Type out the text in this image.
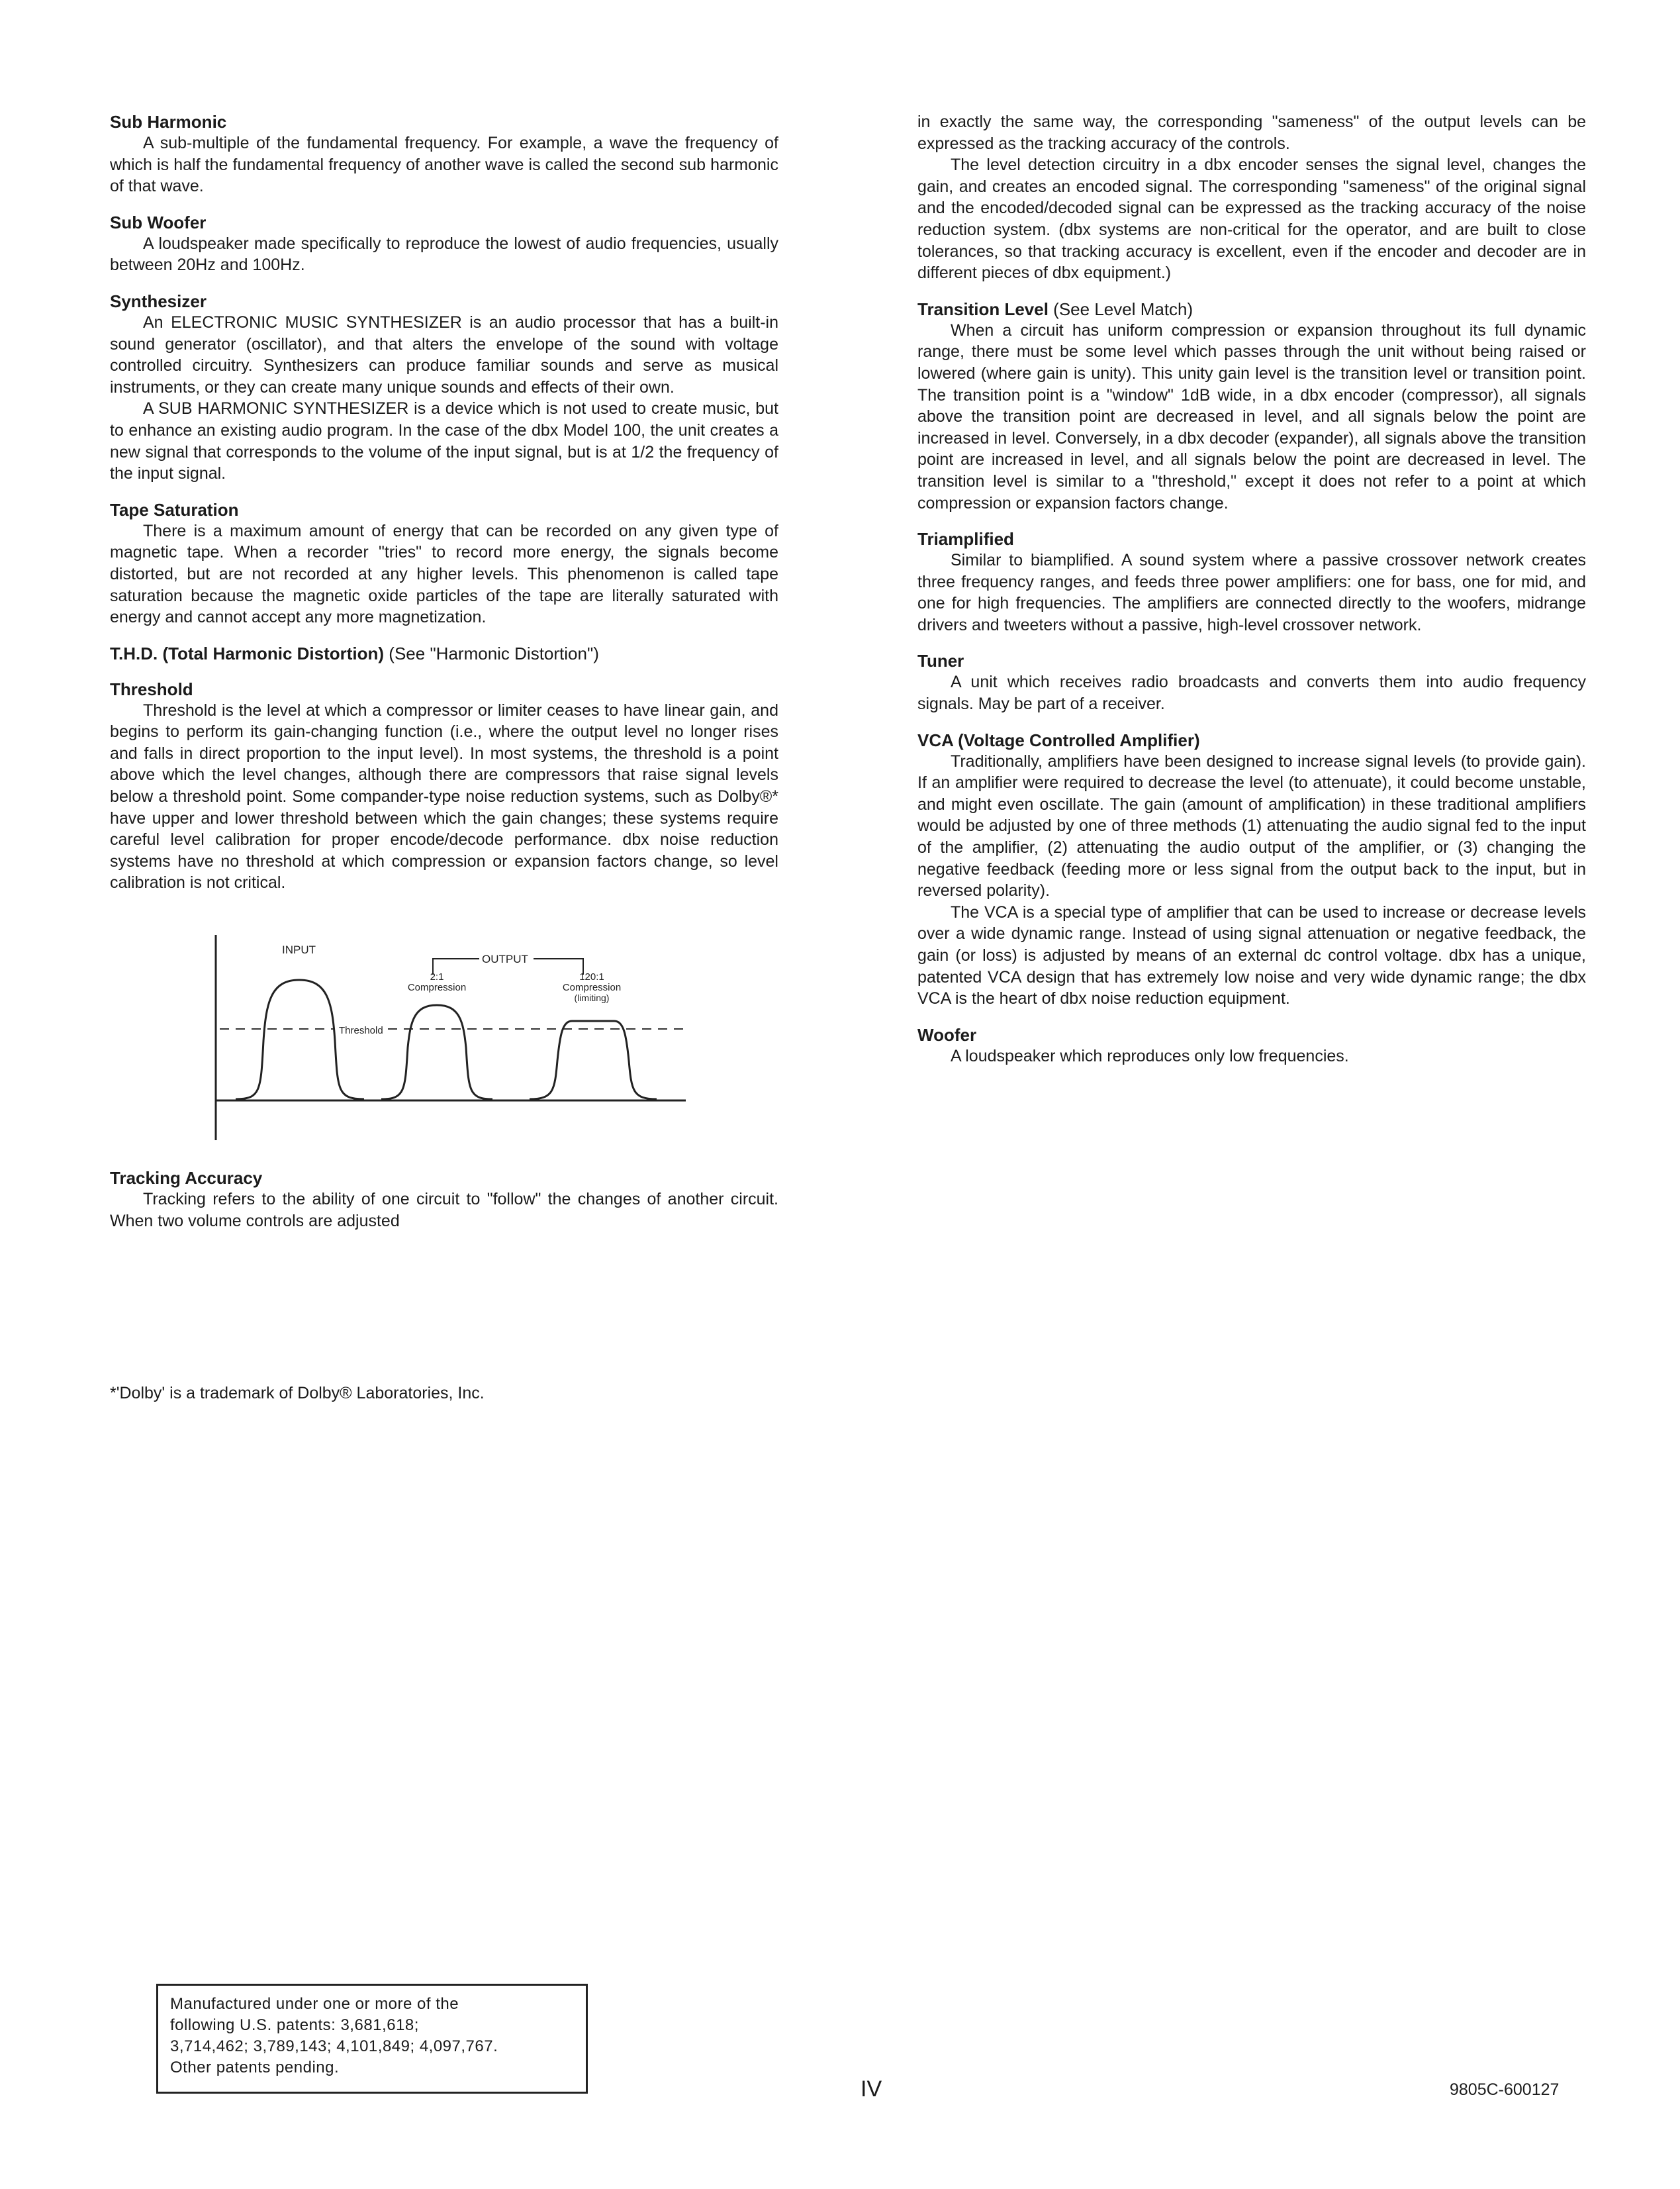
Sub Harmonic

A sub-multiple of the fundamental frequency. For example, a wave the frequency of which is half the fundamental frequency of another wave is called the second sub harmonic of that wave.

Sub Woofer

A loudspeaker made specifically to reproduce the lowest of audio frequencies, usually between 20Hz and 100Hz.

Synthesizer

An ELECTRONIC MUSIC SYNTHESIZER is an audio processor that has a built-in sound generator (oscillator), and that alters the envelope of the sound with voltage controlled circuitry. Synthesizers can produce familiar sounds and serve as musical instruments, or they can create many unique sounds and effects of their own.

A SUB HARMONIC SYNTHESIZER is a device which is not used to create music, but to enhance an existing audio program. In the case of the dbx Model 100, the unit creates a new signal that corresponds to the volume of the input signal, but is at 1/2 the frequency of the input signal.

Tape Saturation

There is a maximum amount of energy that can be recorded on any given type of magnetic tape. When a recorder "tries" to record more energy, the signals become distorted, but are not recorded at any higher levels. This phenomenon is called tape saturation because the magnetic oxide particles of the tape are literally saturated with energy and cannot accept any more magnetization.

T.H.D. (Total Harmonic Distortion) (See "Harmonic Distortion")
Threshold

Threshold is the level at which a compressor or limiter ceases to have linear gain, and begins to perform its gain-changing function (i.e., where the output level no longer rises and falls in direct proportion to the input level). In most systems, the threshold is a point above which the level changes, although there are compressors that raise signal levels below a threshold point. Some compander-type noise reduction systems, such as Dolby®* have upper and lower threshold between which the gain changes; these systems require careful level calibration for proper encode/decode performance. dbx noise reduction systems have no threshold at which compression or expansion factors change, so level calibration is not critical.

Threshold
INPUT
OUTPUT
2:1
Compression
120:1
Compression
(limiting)
Tracking Accuracy

Tracking refers to the ability of one circuit to "follow" the changes of another circuit. When two volume controls are adjusted

*'Dolby' is a trademark of Dolby® Laboratories, Inc.

in exactly the same way, the corresponding "sameness" of the output levels can be expressed as the tracking accuracy of the controls.

The level detection circuitry in a dbx encoder senses the signal level, changes the gain, and creates an encoded signal. The corresponding "sameness" of the original signal and the encoded/decoded signal can be expressed as the tracking accuracy of the noise reduction system. (dbx systems are non-critical for the operator, and are built to close tolerances, so that tracking accuracy is excellent, even if the encoder and decoder are in different pieces of dbx equipment.)

Transition Level (See Level Match)

When a circuit has uniform compression or expansion throughout its full dynamic range, there must be some level which passes through the unit without being raised or lowered (where gain is unity). This unity gain level is the transition level or transition point. The transition point is a "window" 1dB wide, in a dbx encoder (compressor), all signals above the transition point are decreased in level, and all signals below the point are increased in level. Conversely, in a dbx decoder (expander), all signals above the transition point are increased in level, and all signals below the point are decreased in level. The transition level is similar to a "threshold," except it does not refer to a point at which compression or expansion factors change.

Triamplified

Similar to biamplified. A sound system where a passive crossover network creates three frequency ranges, and feeds three power amplifiers: one for bass, one for mid, and one for high frequencies. The amplifiers are connected directly to the woofers, midrange drivers and tweeters without a passive, high-level crossover network.

Tuner

A unit which receives radio broadcasts and converts them into audio frequency signals. May be part of a receiver.

VCA (Voltage Controlled Amplifier)

Traditionally, amplifiers have been designed to increase signal levels (to provide gain). If an amplifier were required to decrease the level (to attenuate), it could become unstable, and might even oscillate. The gain (amount of amplification) in these traditional amplifiers would be adjusted by one of three methods (1) attenuating the audio signal fed to the input of the amplifier, (2) attenuating the audio output of the amplifier, or (3) changing the negative feedback (feeding more or less signal from the output back to the input, but in reversed polarity).

The VCA is a special type of amplifier that can be used to increase or decrease levels over a wide dynamic range. Instead of using signal attenuation or negative feedback, the gain (or loss) is adjusted by means of an external dc control voltage. dbx has a unique, patented VCA design that has extremely low noise and very wide dynamic range; the dbx VCA is the heart of dbx noise reduction equipment.

Woofer

A loudspeaker which reproduces only low frequencies.

Manufactured under one or more of the
following U.S. patents: 3,681,618;
3,714,462; 3,789,143; 4,101,849; 4,097,767.
Other patents pending.
IV	9805C-600127
